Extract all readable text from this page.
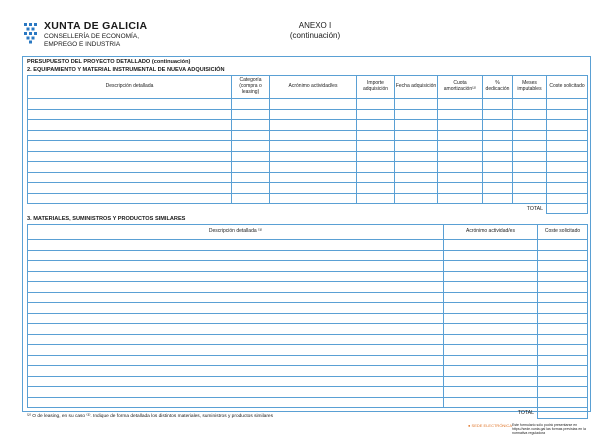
XUNTA DE GALICIA
CONSELLERÍA DE ECONOMÍA,
EMPREGO E INDUSTRIA
ANEXO I
(continuación)
PRESUPUESTO DEL PROYECTO DETALLADO (continuación)
2. EQUIPAMIENTO Y MATERIAL INSTRUMENTAL DE NUEVA ADQUISICIÓN
Descripción detallada	Categoría (compra o leasing)	Acrónimo actividad/es	Importe adquisición	Fecha adquisición	Cuota amortización⁽²⁾	% dedicación	Meses imputables	Coste solicitado

TOTAL								
3. MATERIALES, SUMINISTROS Y PRODUCTOS SIMILARES
Descripción detallada ⁽³⁾	Acrónimo actividad/es	Coste solicitado

TOTAL		
⁽²⁾ O de leasing, en su caso ⁽³⁾. Indique de forma detallada los distintos materiales, suministros y productos similares
● SEDE ELECTRÓNICA Este formulario sólo podrá presentarse en
https://sede.xunta.gal las formas previstas en la normativa reguladora
